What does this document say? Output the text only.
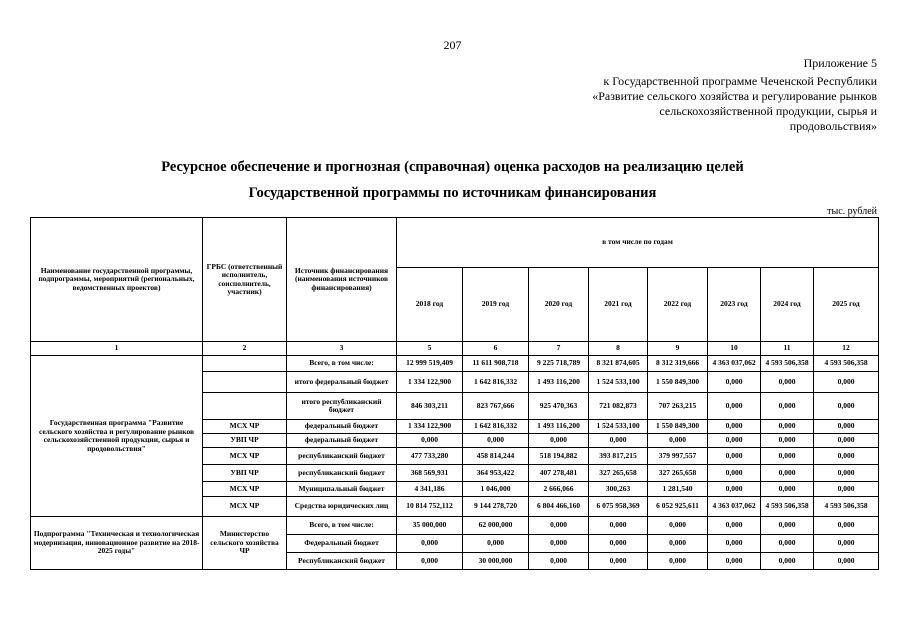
207
Приложение 5
к Государственной программе Чеченской Республики «Развитие сельского хозяйства и регулирование рынков сельскохозяйственной продукции, сырья и продовольствия»
Ресурсное обеспечение и прогнозная (справочная) оценка расходов на реализацию целей
Государственной программы по источникам финансирования
тыс. рублей
Наименование государственной программы, подпрограммы, мероприятий (региональных, ведомственных проектов)	ГРБС (ответственный исполнитель, соисполнитель, участник)	Источник финансирования (наименования источников финансирования)	в том числе по годам							
			2018 год	2019 год	2020 год	2021 год	2022 год	2023 год	2024 год	2025 год
1	2	3	5	6	7	8	9	10	11	12
Государственная программа "Развитие сельского хозяйства и регулирование рынков сельскохозяйственной продукции, сырья и продовольствия"		Всего, в том числе:	12 999 519,409	11 611 908,718	9 225 718,789	8 321 874,605	8 312 319,666	4 363 037,062	4 593 506,358	4 593 506,358
		итого федеральный бюджет	1 334 122,900	1 642 816,332	1 493 116,200	1 524 533,100	1 550 849,300	0,000	0,000	0,000
		итого республиканский бюджет	846 303,211	823 767,666	925 470,363	721 082,873	707 263,215	0,000	0,000	0,000
	МСХ ЧР	федеральный бюджет	1 334 122,900	1 642 816,332	1 493 116,200	1 524 533,100	1 550 849,300	0,000	0,000	0,000
	УВП ЧР	федеральный бюджет	0,000	0,000	0,000	0,000	0,000	0,000	0,000	0,000
	МСХ ЧР	республиканский бюджет	477 733,280	458 814,244	518 194,882	393 817,215	379 997,557	0,000	0,000	0,000
	УВП ЧР	республиканский бюджет	368 569,931	364 953,422	407 278,481	327 265,658	327 265,658	0,000	0,000	0,000
	МСХ ЧР	Муниципальный бюджет	4 341,186	1 046,000	2 666,066	300,263	1 281,540	0,000	0,000	0,000
	МСХ ЧР	Средства юридических лиц	10 814 752,112	9 144 278,720	6 804 466,160	6 075 958,369	6 052 925,611	4 363 037,062	4 593 506,358	4 593 506,358
Подпрограмма "Техническая и технологическая модернизация, инновационное развитие на 2018-2025 годы"	Министерство сельского хозяйства ЧР	Всего, в том числе:	35 000,000	62 000,000	0,000	0,000	0,000	0,000	0,000	0,000
		Федеральный бюджет	0,000	0,000	0,000	0,000	0,000	0,000	0,000	0,000
		Республиканский бюджет	0,000	30 000,000	0,000	0,000	0,000	0,000	0,000	0,000
